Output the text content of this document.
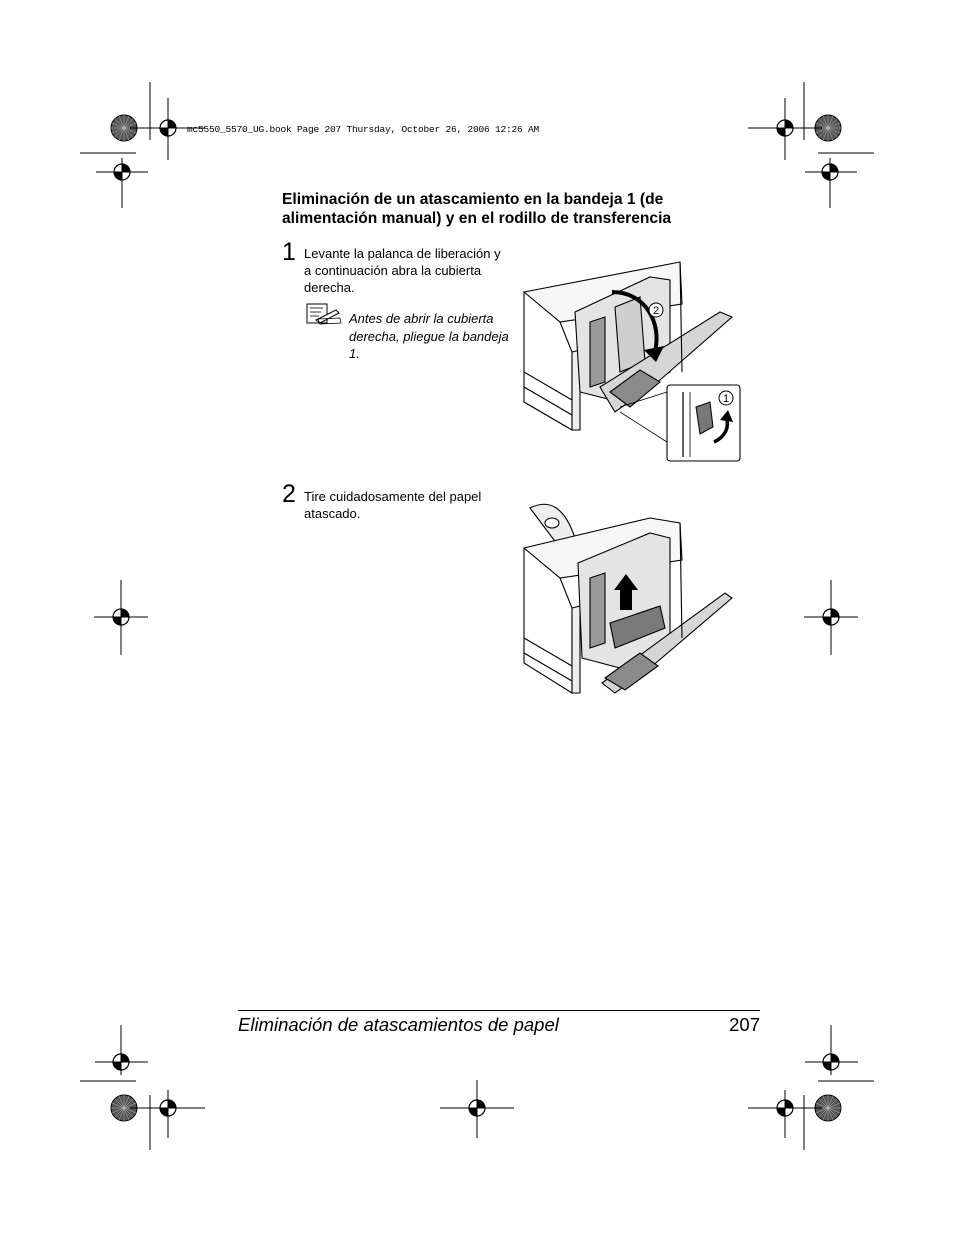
mc5550_5570_UG.book Page 207 Thursday, October 26, 2006 12:26 AM
Eliminación de un atascamiento en la bandeja 1 (de alimentación manual) y en el rodillo de transferencia
1 Levante la palanca de liberación y a continuación abra la cubierta derecha.
Antes de abrir la cubierta derecha, pliegue la bandeja 1.
2
1
2 Tire cuidadosamente del papel atascado.
Eliminación de atascamientos de papel	207
